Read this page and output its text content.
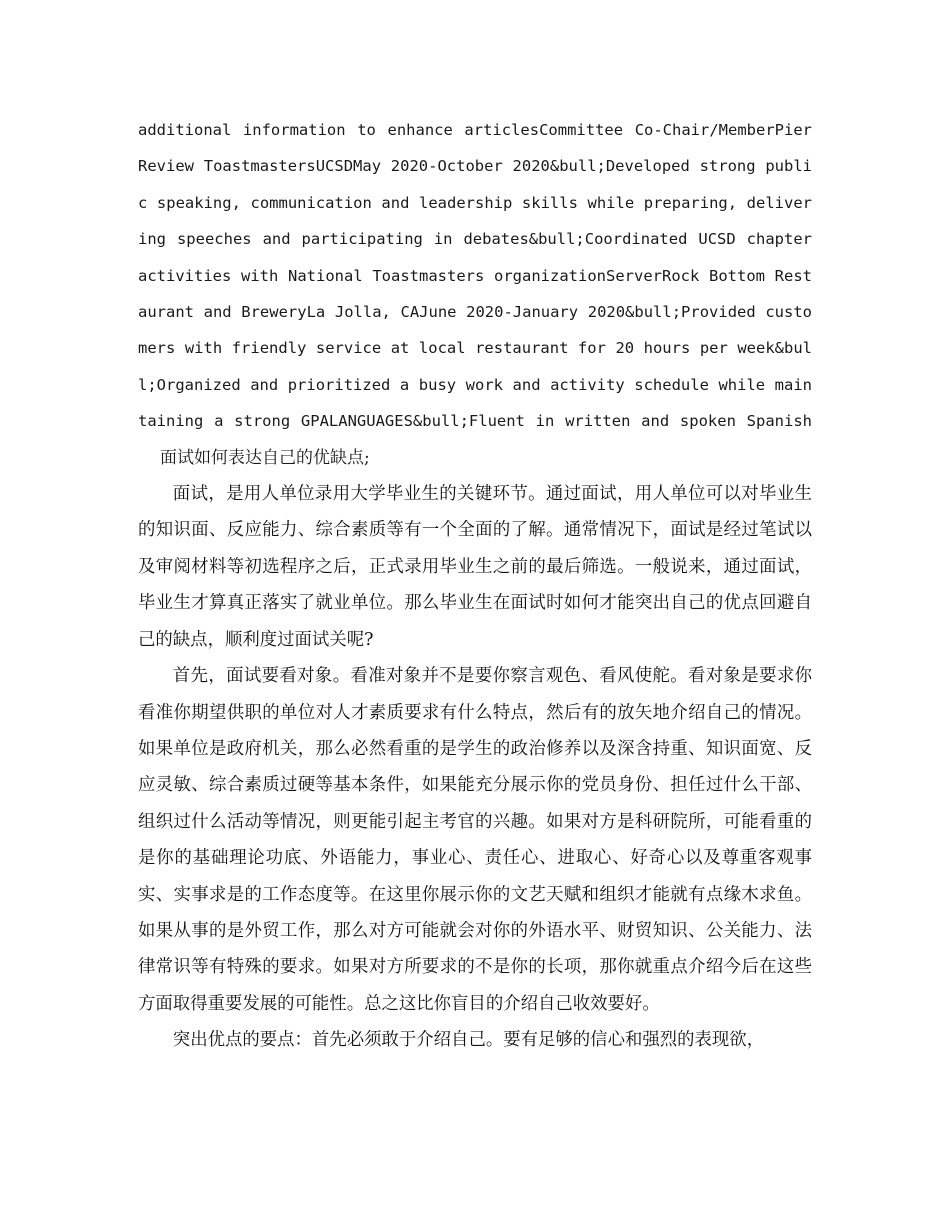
additional information to enhance articlesCommittee Co-Chair/MemberPier Review ToastmastersUCSDMay 2020-October 2020&bull;Developed strong public speaking, communication and leadership skills while preparing, delivering speeches and participating in debates&bull;Coordinated UCSD chapter activities with National Toastmasters organizationServerRock Bottom Restaurant and BreweryLa Jolla, CAJune 2020-January 2020&bull;Provided customers with friendly service at local restaurant for 20 hours per week&bull;Organized and prioritized a busy work and activity schedule while maintaining a strong GPALANGUAGES&bull;Fluent in written and spoken Spanish面试如何表达自己的优缺点;

面试，是用人单位录用大学毕业生的关键环节。通过面试，用人单位可以对毕业生的知识面、反应能力、综合素质等有一个全面的了解。通常情况下，面试是经过笔试以及审阅材料等初选程序之后，正式录用毕业生之前的最后筛选。一般说来，通过面试，毕业生才算真正落实了就业单位。那么毕业生在面试时如何才能突出自己的优点回避自己的缺点，顺利度过面试关呢?

首先，面试要看对象。看准对象并不是要你察言观色、看风使舵。看对象是要求你看准你期望供职的单位对人才素质要求有什么特点，然后有的放矢地介绍自己的情况。如果单位是政府机关，那么必然看重的是学生的政治修养以及深含持重、知识面宽、反应灵敏、综合素质过硬等基本条件，如果能充分展示你的党员身份、担任过什么干部、组织过什么活动等情况，则更能引起主考官的兴趣。如果对方是科研院所，可能看重的是你的基础理论功底、外语能力，事业心、责任心、进取心、好奇心以及尊重客观事实、实事求是的工作态度等。在这里你展示你的文艺天赋和组织才能就有点缘木求鱼。如果从事的是外贸工作，那么对方可能就会对你的外语水平、财贸知识、公关能力、法律常识等有特殊的要求。如果对方所要求的不是你的长项，那你就重点介绍今后在这些方面取得重要发展的可能性。总之这比你盲目的介绍自己收效要好。

突出优点的要点：首先必须敢于介绍自己。要有足够的信心和强烈的表现欲，
